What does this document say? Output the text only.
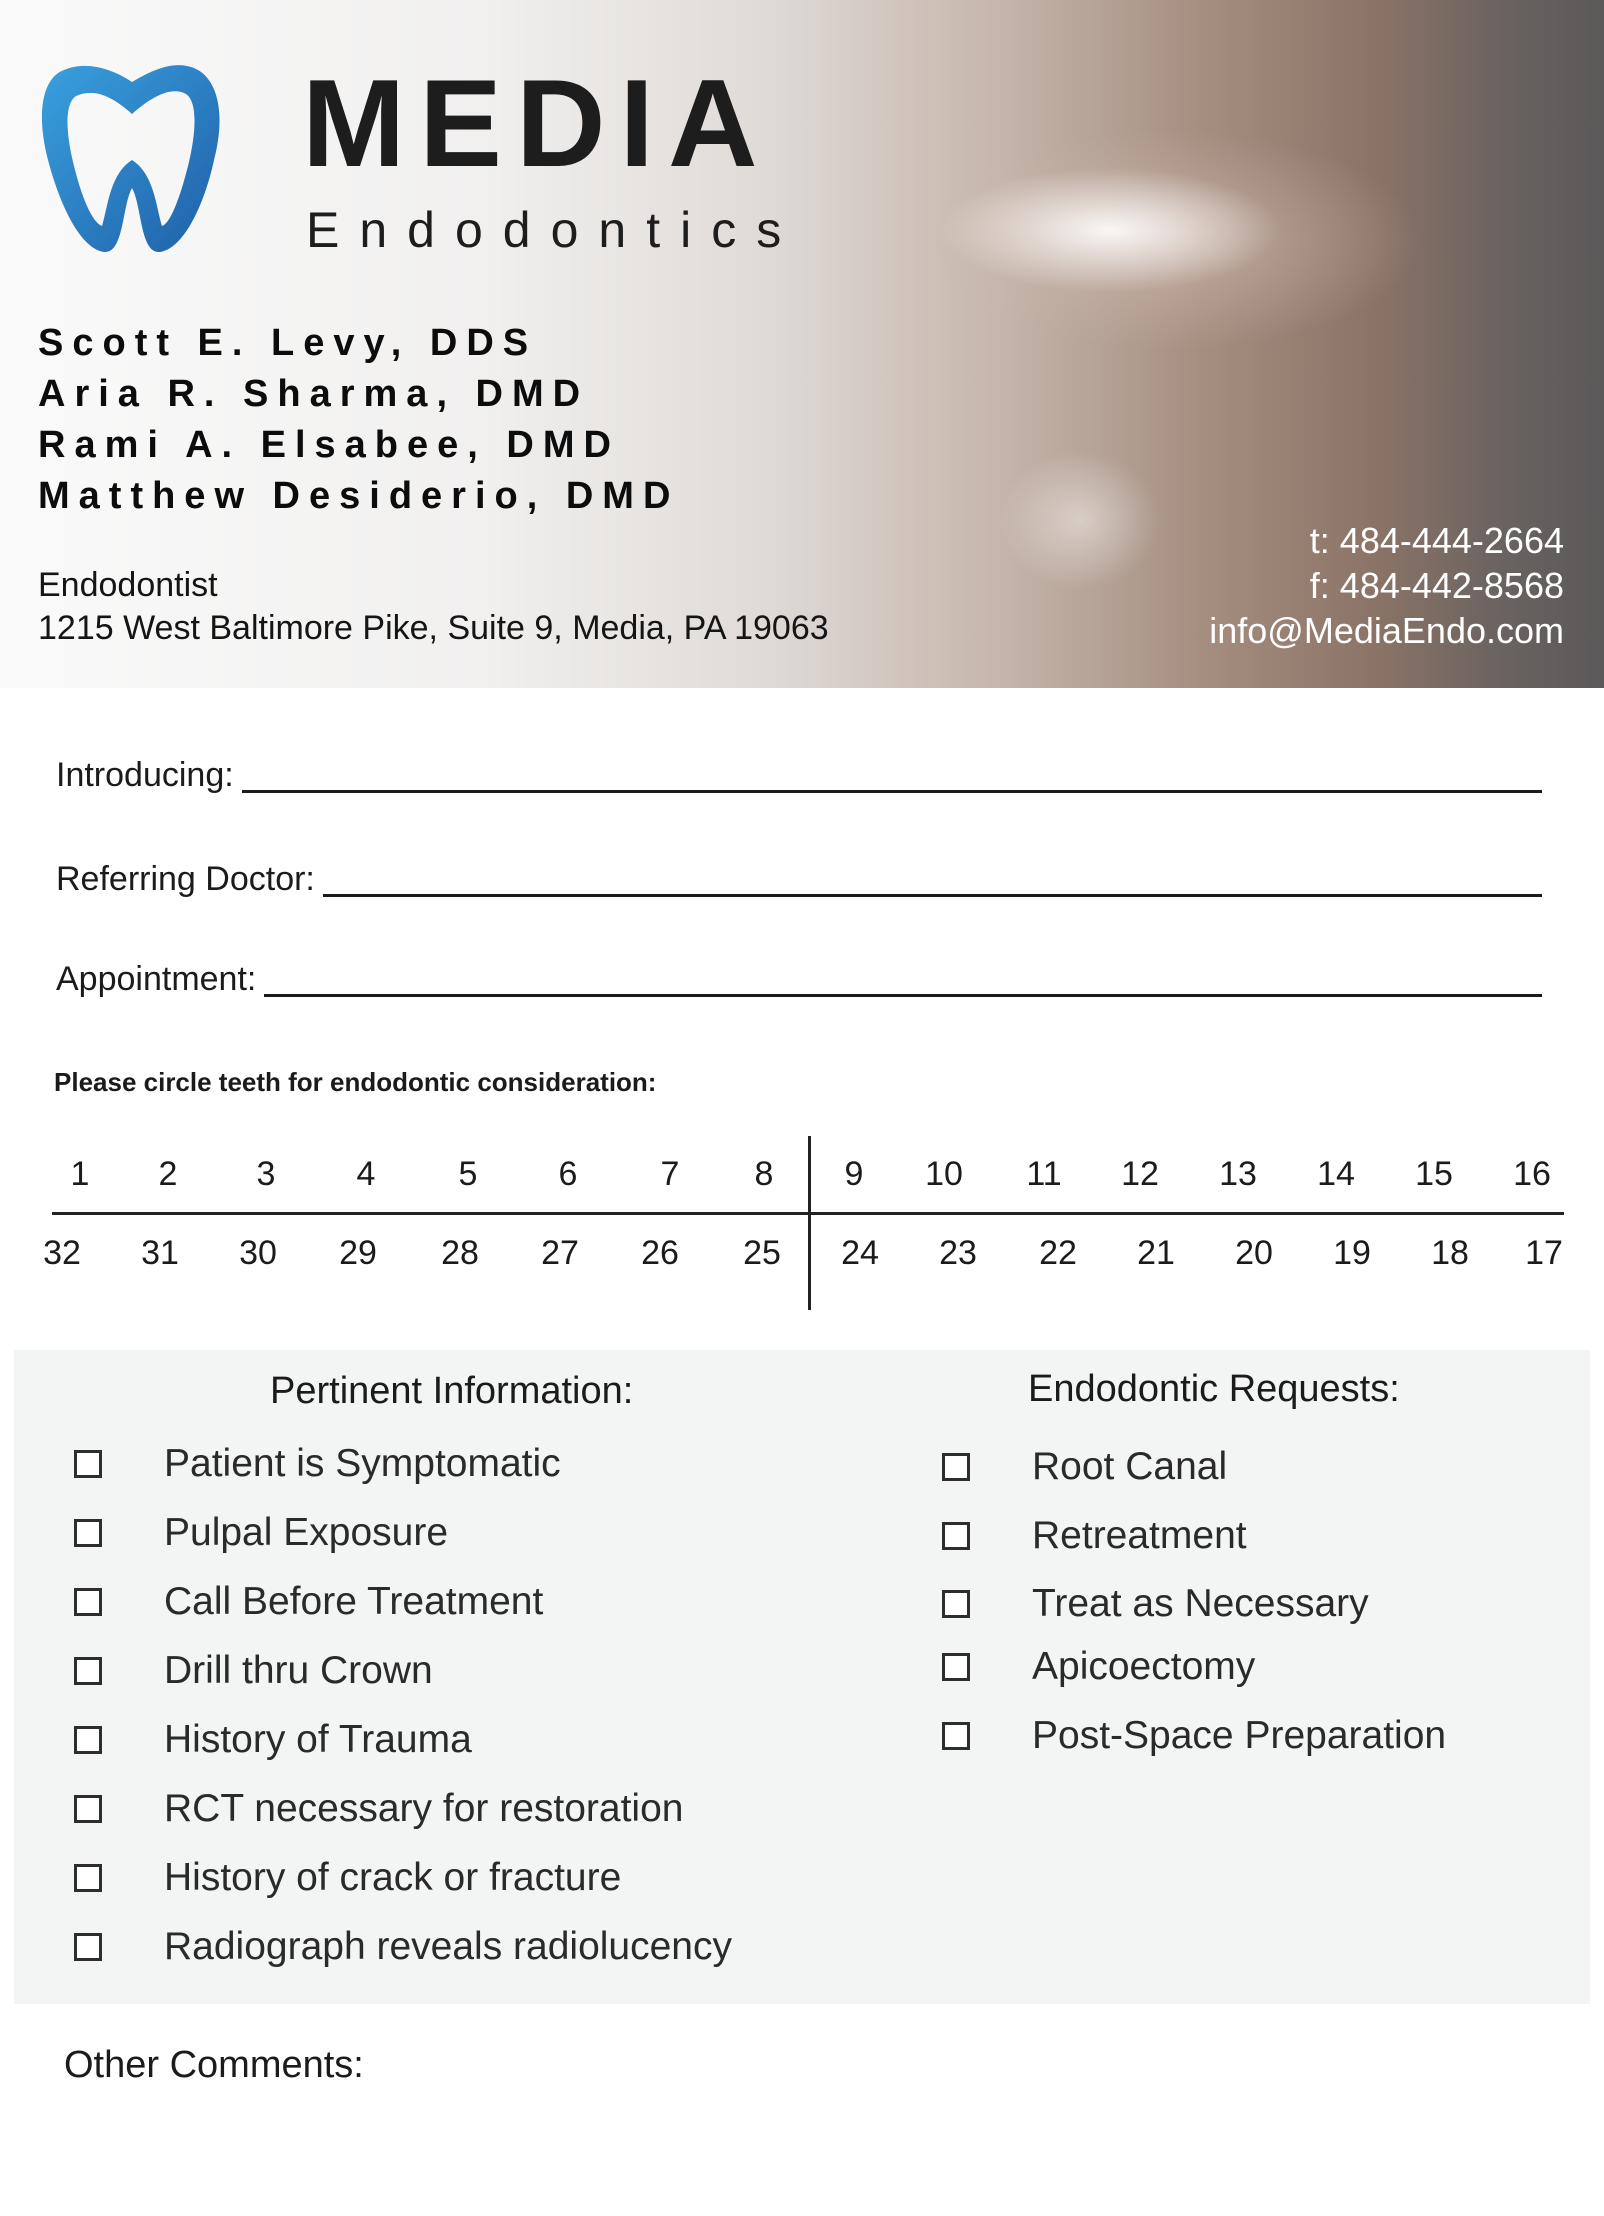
MEDIA
Endodontics
Scott E. Levy, DDS
Aria R. Sharma, DMD
Rami A. Elsabee, DMD
Matthew Desiderio, DMD
Endodontist
1215 West Baltimore Pike, Suite 9, Media, PA 19063
t: 484-444-2664
f: 484-442-8568
info@MediaEndo.com
Introducing:
Referring Doctor:
Appointment:
Please circle teeth for endodontic consideration:
1	2	3	4	5	6	7	8	9	10	11	12	13	14	15	16
32	31	30	29	28	27	26	25	24	23	22	21	20	19	18	17
Pertinent Information:	Endodontic Requests:
Patient is Symptomatic
Pulpal Exposure
Call Before Treatment
Drill thru Crown
History of Trauma
RCT necessary for restoration
History of crack or fracture
Radiograph reveals radiolucency
Root Canal
Retreatment
Treat as Necessary
Apicoectomy
Post-Space Preparation
Other Comments:
